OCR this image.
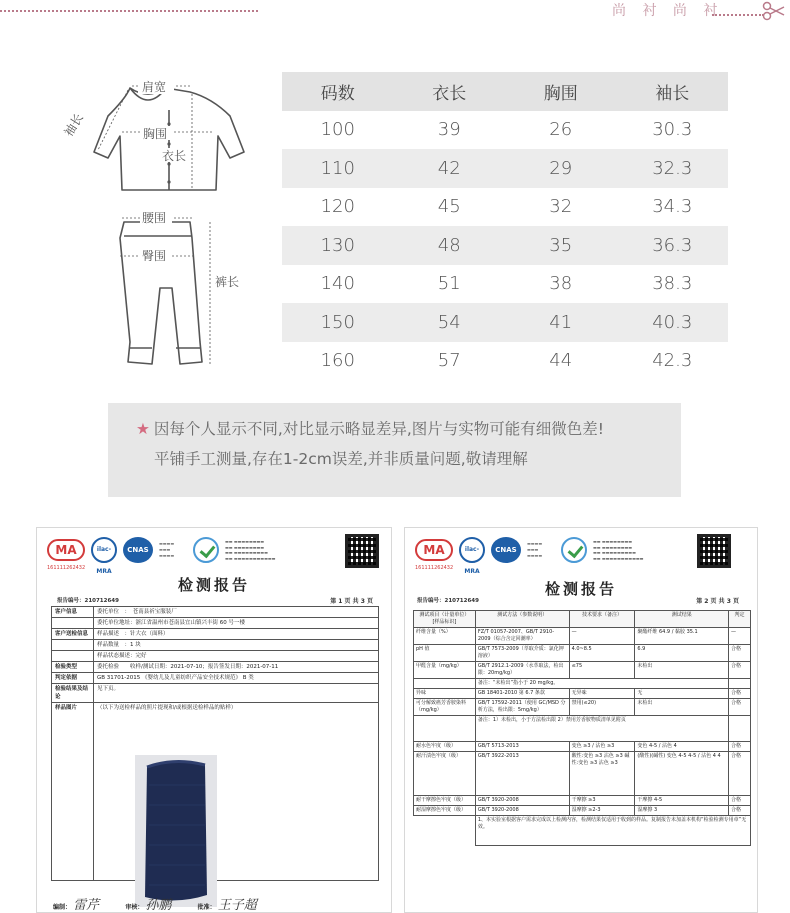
尚 衬 尚 衬
肩宽
袖长	胸围
衣长
腰围
臀围
裤长
码数	衣长	胸围	袖长
100	39	26	30.3
110	42	29	32.3
120	45	32	34.3
130	48	35	36.3
140	51	38	38.3
150	54	41	40.3
160	57	44	42.3
★ 因每个人显示不同,对比显示略显差异,图片与实物可能有细微色差!
平铺手工测量,存在1-2cm误差,并非质量问题,敬请理解
MA
161111262432
ilac-MRA
CNAS
▬▬▬▬
▬▬▬
▬▬▬▬
▬▬ ▬▬▬▬▬▬▬▬
▬▬ ▬▬▬▬▬▬▬▬
▬▬ ▬▬▬▬▬▬▬▬▬
▬▬ ▬▬▬▬▬▬▬▬▬▬▬
检测报告
报告编号：210712649	第 1 页 共 3 页
客户信息	委托单位　：　苍南县祈宝服装厂
	委托单位地址：浙江省温州市苍南县宜山镇兴丰街 60 号一楼
客户送检信息	样品描述　：针大衣（面料）
	样品数量　：1 块
	样品状态描述：完好
检验类型	委托检验　　收样/测试日期：2021-07-10；报告签发日期：2021-07-11
判定依据	GB 31701-2015 《婴幼儿及儿童纺织产品安全技术规范》 B 类
检验结果及结论	见下页。
样品图片	（以下为送检样品的照片提现和/或根据送检样品的贴样）
编制： 雷芹	审核： 孙鹏	批准： 王子超
MA
161111262432
ilac-MRA
CNAS
▬▬▬▬
▬▬▬
▬▬▬▬
▬▬ ▬▬▬▬▬▬▬▬
▬▬ ▬▬▬▬▬▬▬▬
▬▬ ▬▬▬▬▬▬▬▬▬
▬▬ ▬▬▬▬▬▬▬▬▬▬▬
检测报告
报告编号：210712649	第 2 页 共 3 页
测试项目（计量单位）[样品标识]	测试方法（参数说明）	技术要求（备注）	测试结果	判定
纤维含量（%）	FZ/T 01057-2007、GB/T 2910-2009（综合含定回潮率）	—	聚酯纤维 64.9 / 黏胶 35.1	—
pH 值	GB/T 7573-2009（萃取介质：氯化钾溶液）	4.0~8.5	6.9	合格
甲醛含量（mg/kg）	GB/T 2912.1-2009（水萃取法，检出限：20mg/kg）	≤75	未检出	合格
	备注：“未检出”指小于 20 mg/kg。			
异味	GB 18401-2010 第 6.7 条款	无异味	无	合格
可分解致癌芳香胺染料（mg/kg）	GB/T 17592-2011（使用 GC/MSD 分析方法，检出限：5mg/kg）	禁用(≤20)	未检出	合格
	备注：1）未检出，小于方法检出限 2）禁用芳香胺物质清单见附页			
耐水色牢度（级）	GB/T 5713-2013	变色 ≥3 / 沾色 ≥3	变色 4-5 / 沾色 4	合格
耐汗渍色牢度（级）	GB/T 3922-2013	酸性:变色 ≥3 沾色 ≥3 碱性:变色 ≥3 沾色 ≥3	(酸性)(碱性) 变色 4-5 4-5 / 沾色 4 4	合格
耐干摩擦色牢度（级）	GB/T 3920-2008	干摩擦 ≥3	干摩擦 4-5	合格
耐湿摩擦色牢度（级）	GB/T 3920-2008	湿摩擦 ≥2-3	湿摩擦 3	合格
	1、本实验室根据客户需求完成以上检测内容，检测结果仅适用于收到的样品。复制报告未加盖本机构“检验检测专用章”无效。			
